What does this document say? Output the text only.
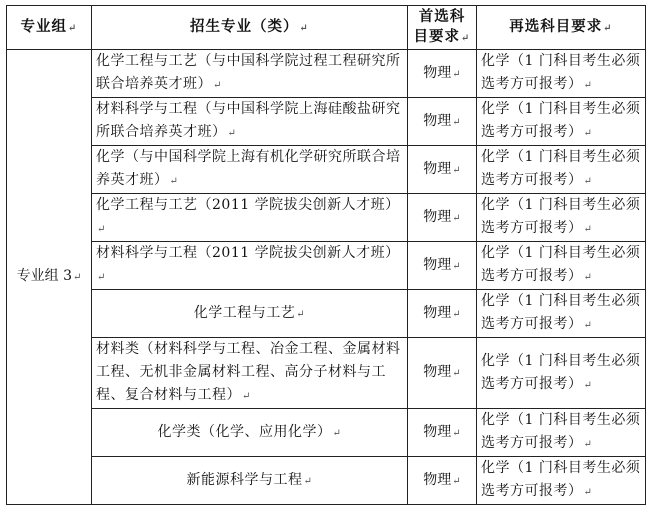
专业组↵	招生专业（类）↵	首选科目要求↵	再选科目要求↵
专业组 3↵	化学工程与工艺（与中国科学院过程工程研究所联合培养英才班）↵	物理↵	化学（1 门科目考生必须选考方可报考）↵
	材料科学与工程（与中国科学院上海硅酸盐研究所联合培养英才班）↵	物理↵	化学（1 门科目考生必须选考方可报考）↵
	化学（与中国科学院上海有机化学研究所联合培养英才班）↵	物理↵	化学（1 门科目考生必须选考方可报考）↵
	化学工程与工艺（2011 学院拔尖创新人才班）↵	物理↵	化学（1 门科目考生必须选考方可报考）↵
	材料科学与工程（2011 学院拔尖创新人才班）↵	物理↵	化学（1 门科目考生必须选考方可报考）↵
	化学工程与工艺↵	物理↵	化学（1 门科目考生必须选考方可报考）↵
	材料类（材料科学与工程、冶金工程、金属材料工程、无机非金属材料工程、高分子材料与工程、复合材料与工程）↵	物理↵	化学（1 门科目考生必须选考方可报考）↵
	化学类（化学、应用化学）↵	物理↵	化学（1 门科目考生必须选考方可报考）↵
	新能源科学与工程↵	物理↵	化学（1 门科目考生必须选考方可报考）↵
